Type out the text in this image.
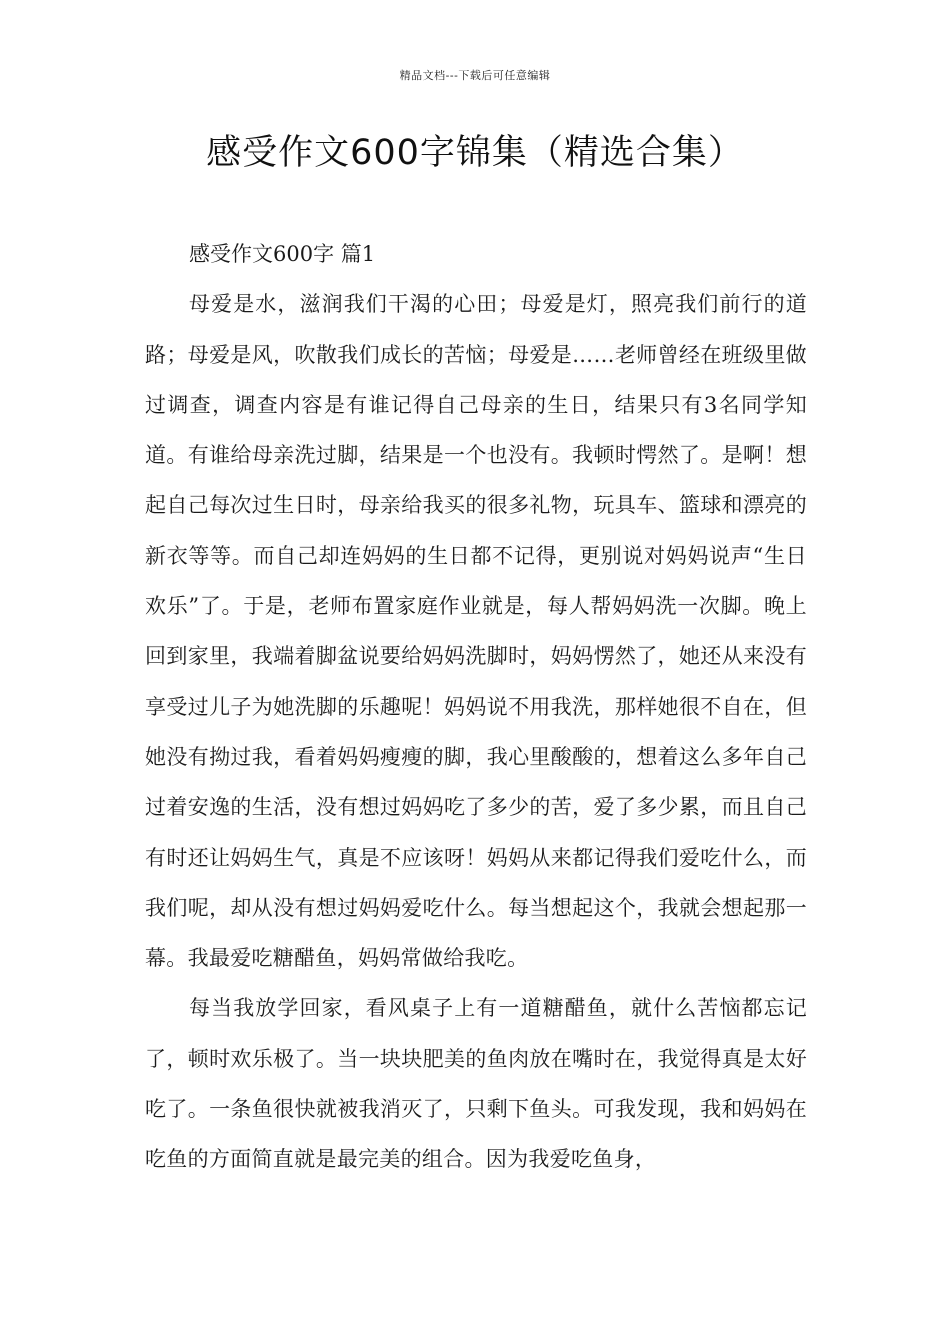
精品文档---下载后可任意编辑
感受作文600字锦集（精选合集）
感受作文600字 篇1

母爱是水，滋润我们干渴的心田；母爱是灯，照亮我们前行的道路；母爱是风，吹散我们成长的苦恼；母爱是……老师曾经在班级里做过调查，调查内容是有谁记得自己母亲的生日，结果只有3名同学知道。有谁给母亲洗过脚，结果是一个也没有。我顿时愕然了。是啊！想起自己每次过生日时，母亲给我买的很多礼物，玩具车、篮球和漂亮的新衣等等。而自己却连妈妈的生日都不记得，更别说对妈妈说声“生日欢乐”了。于是，老师布置家庭作业就是，每人帮妈妈洗一次脚。晚上回到家里，我端着脚盆说要给妈妈洗脚时，妈妈愣然了，她还从来没有享受过儿子为她洗脚的乐趣呢！妈妈说不用我洗，那样她很不自在，但她没有拗过我，看着妈妈瘦瘦的脚，我心里酸酸的，想着这么多年自己过着安逸的生活，没有想过妈妈吃了多少的苦，爱了多少累，而且自己有时还让妈妈生气，真是不应该呀！妈妈从来都记得我们爱吃什么，而我们呢，却从没有想过妈妈爱吃什么。每当想起这个，我就会想起那一幕。我最爱吃糖醋鱼，妈妈常做给我吃。

每当我放学回家，看风桌子上有一道糖醋鱼，就什么苦恼都忘记了，顿时欢乐极了。当一块块肥美的鱼肉放在嘴时在，我觉得真是太好吃了。一条鱼很快就被我消灭了，只剩下鱼头。可我发现，我和妈妈在吃鱼的方面简直就是最完美的组合。因为我爱吃鱼身，
